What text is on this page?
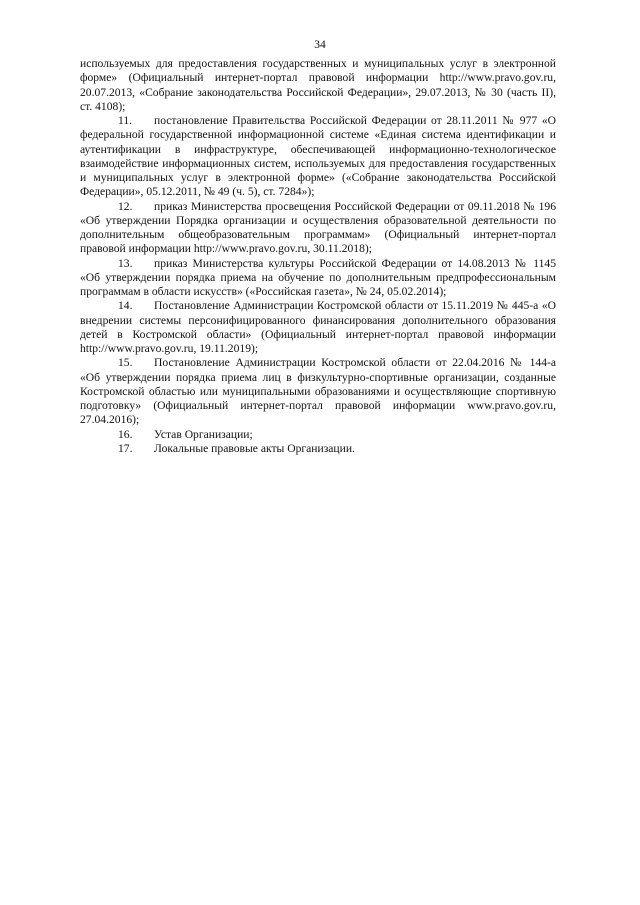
34

используемых для предоставления государственных и муниципальных услуг в электронной форме» (Официальный интернет-портал правовой информации http://www.pravo.gov.ru, 20.07.2013, «Собрание законодательства Российской Федерации», 29.07.2013, № 30 (часть II), ст. 4108);

11. постановление Правительства Российской Федерации от 28.11.2011 № 977 «О федеральной государственной информационной системе «Единая система идентификации и аутентификации в инфраструктуре, обеспечивающей информационно-технологическое взаимодействие информационных систем, используемых для предоставления государственных и муниципальных услуг в электронной форме» («Собрание законодательства Российской Федерации», 05.12.2011, № 49 (ч. 5), ст. 7284»);

12. приказ Министерства просвещения Российской Федерации от 09.11.2018 № 196 «Об утверждении Порядка организации и осуществления образовательной деятельности по дополнительным общеобразовательным программам» (Официальный интернет-портал правовой информации http://www.pravo.gov.ru, 30.11.2018);

13. приказ Министерства культуры Российской Федерации от 14.08.2013 № 1145 «Об утверждении порядка приема на обучение по дополнительным предпрофессиональным программам в области искусств» («Российская газета», № 24, 05.02.2014);

14. Постановление Администрации Костромской области от 15.11.2019 № 445-а «О внедрении системы персонифицированного финансирования дополнительного образования детей в Костромской области» (Официальный интернет-портал правовой информации http://www.pravo.gov.ru, 19.11.2019);

15. Постановление Администрации Костромской области от 22.04.2016 № 144-а «Об утверждении порядка приема лиц в физкультурно-спортивные организации, созданные Костромской областью или муниципальными образованиями и осуществляющие спортивную подготовку» (Официальный интернет-портал правовой информации www.pravo.gov.ru, 27.04.2016);

16. Устав Организации;

17. Локальные правовые акты Организации.
